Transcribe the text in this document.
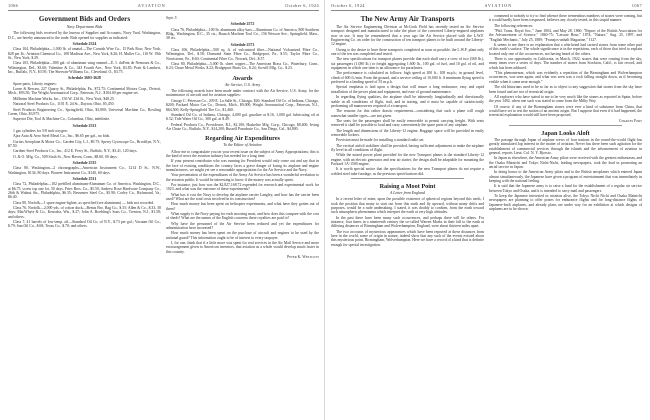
1066	AVIATION	October 6, 1924
Government Bids and Orders
Navy Department Bids

The following bids received by the bureau of Supplies and Accounts, Navy Yard, Washington, D.C., are hereby announced to the trade. Bids opened for supplies as indicated:

Schedule 2524

Class 104, Philadelphia—1,000 lb. of amatol—The Cornish Wire Co., 15 Park Row, New York, $28 per lb.; Aviation Chemical Co., 108 Madison Ave., New York, $.26; H. Muller Co., 116 W. 19th St., New York, $.29.

Class 105, Philadelphia—800 gal. of aluminum wing enamel—E. I. duPont de Nemours & Co., Wilmington, Del., $3.60; Valentine & Co., 343 Fourth Ave., New York, $3.85; Pratt & Lambert, Inc., Buffalo, N.Y., $3.95; The Sherwin-Williams Co., Cleveland, O., $3.75.

Schedule 3603-3628

Spare parts, Liberty engines:

Lorne & Bercaw, 227 Quarry St., Philadelphia, Pa., $72.75; Continental Motors Corp., Detroit, Mich., $93.50; The Wright Aeronautical Corp., Paterson, N.J., $104.00 per engine set.

Millheim Machine Works, Inc., 156 W. 23d St., New York, $48.25.

National Steel Products Co., 1101 E. 2d St., Dayton, Ohio, $5,450.

Steel Products Engineering Co., Springfield, Ohio, $3,800; Universal Machine Co., Bowling Green, Ohio, $3,975.

Superior Die, Tool & Machine Co., Columbus, Ohio, indefinite.

Schedule 2533

1 gas cylinders for 5/8 inch oxygen:

Ajax Auto & Aero Steel Metal Co., Inc., $6.65 per gal., no bids.

Curtiss Aeroplane & Motor Co., Garden City, L.I., $9.75; Sperry Gyroscope Co., Brooklyn, N.Y., $7.50.

Gardner Steel Products Co., Inc., 412 E. Ferry St., Buffalo, N.Y., $3.41, 120 days.

O. & O. Mfg. Co., 509 Sixth St., New Haven, Conn., $8.60, 60 days.

Schedule 2535

Class 80, Washington—2 chronographs—American Instrument Co., 1214 D St., N.W., Washington, $134; 80 days. Pioneer Instrument Co., $140, 60 days.

Schedule 2531

Class 72, Philadelphia—102 prefilled aluminum-Aluminum Co. of America, Washington, D.C., at $6.75, screw top one lot, 50 days. Fries Bros. Co., $5.50; Andrew Rose Hardware Company Co., 26th & Walnut Sts., Philadelphia, $6.35; Bessemer Steel Co., $5.90; Corley Co., Richmond, Va., $6.40.

Class 80, Norfolk—1 spare engine-lighter, as specified (see aluminum) — bids not recorded.

Class 76, Norfolk—2,000 yds. of cotton duck—Bemis Bro. Bag Co., $.35; Allen & Co., $.33, 30 days; MacWhyte & Co., Kenosha, Wis., $.27; John A. Roebling's Sons Co., Trenton, N.J., $1.58; and others.

Class 7, 41 barrels of low-temp. oil—Standard Oil Co. of N.Y., $.73 per gal.; Vacuum Oil Co., $.79; Sun Oil Co., $.68; Texas Co., $.70; and others.

Sept. 5
Schedule 2572

Class 76, Philadelphia—100 lb. aluminum alloy bars—Aluminum Co. of America, 800 Southern Bldg., Washington, D.C., 35 cts.; Bausch Machine Tool Co., 156 Wesson Ave., Springfield, Mass., 38 cts.

Schedule 2573

Class 106, Philadelphia—500 sq. ft. of vulcanized fibre—National Vulcanized Fibre Co., Wilmington, Del., $.58; Diamond State Fibre Co., Bridgeport, Pa., $.55; Taylor Fibre Co., Norristown, Pa., $.60; Continental Fibre Co., Newark, Del., $.57.

Class 80, Philadelphia—5,000 lb. sheet copper—The American Brass Co., Waterbury, Conn., $.23; Chase Metal Works, $.22; Bridgeport Brass Co., $.24; Scovill Mfg. Co., $.23.

Awards
Air Service, U.S. Army

The following awards have been made under contract with the Air Service, U.S. Army, for the maintenance of aircraft and for aviation supplies:

George C. Peterson Co., 209 E. La Salle St., Chicago, $26; Standard Oil Co. of Indiana, Chicago, $200; Packard Motor Car Co., Detroit, Mich., $9,000; Wright Aeronautical Corp., Paterson, N.J., $64,500; Kelly-Springfield Tire Co., $1,460.

Standard Oil Co. of Indiana, Chicago, 4,000 gal. gasoline at $.16, 1,000 gal. lubricating oil at $.52; Tide Water Oil Co., 300 gal. at $.49.

Federal Products Co., Providence, R.I., $2,100; Haskelite Mfg. Corp., Chicago, $8,400; Irving Air Chute Co., Buffalo, N.Y., $14,200; Russell Parachute Co., San Diego, Cal., $4,800.

Regarding Air Expenditures
To the Editor of Aviation

Allow me to congratulate you on your recent issue on the subject of Army Appropriations; this is the kind of news the aviation industry has needed for a long time.

If your present contributor who was running for President would only come out and say that in the face of existing conditions the country faces a grave danger of losing its airplane and engine manufacturers, we might yet see a reasonable appropriation for the Air Service and the Navy.

Your presentation of the expenditures of the Army Air Service has been a wonderful revelation to the aviation public. It would be interesting to know if the money was actually spent.

For instance, just how was the $2,827,168.72 expended for research and experimental work for 1923, and what was the outcome of these experiments?

What has it cost the Navy to develop the airplane carrier Langley, and how has the carrier been used? What are the total costs involved in its construction?

How much money has been spent on helicopter experiments, and what have they gotten out of them?

What supply is the Navy paying for each mooring mast, and how does this compare with the cost of sheds? What are the names of the English concerns these royalties are paid to?

Why have the personnel of the Air Service been reduced and yet the expenditures for administration have increased?

How much money has been spent on the purchase of aircraft and engines to be used by the national guard? This information ought to be of interest to every taxpayer.

I, for one, think that if a little more was spent for real services in the Air Mail Service and more encouragement given to American inventors, that aviation as a whole would develop much faster in this country.

Peter K. Westcott
October 6, 1924	AVIATION	1067
The New Army Air Transports

The Air Service Engineering Division at McCook Field has recently tested an Air Service transport designed and manufactured to take the place of the converted Liberty-engined airplanes now in use. It may be remembered that a year ago the Air Service placed with the L.W.F. Engineering Co. an order for the construction of ten transport planes to be built around the Liberty-12 engine.

Owing to the desire to have these transports completed as soon as possible, the L.W.F. plant only one of the ten was completed and tested.

The new specifications for transport planes provide that each shall carry a crew of two (560 lb.), six passengers (1,080 lb.) or freight aggregating 1,600 lb., 100 gal. of fuel, and 10 gal. of oil, and equipment in which one item is an allowance for parachutes.

The performance is calculated as follows: high speed at 200 ft., 108 m.p.h.; in ground level, climb of 600 ft./min. From the ground, and a service ceiling of 10,000 ft. A minimum flying speed is preferred to a landing speed of 55 m.p.h.

Special emphasis is laid upon a design that will insure a long endurance, easy and rapid installation of the power plant and equipment, and ease of ground maintenance.

In regarding flying qualities, the airplane shall be inherently longitudinally and directionally stable in all conditions of flight, trail, and in taxiing, and it must be capable of satisfactorily performing all manoeuvres required of a transport.

The reasons for this rather drastic requirement—considering that such a plane will rough somewhat smaller types—are not given.

The seats for the passengers shall be easily removable to permit carrying freight. With seats removed it shall be possible to load and carry conveniently the spare parts of any airplane.

The length and dimensions of the Liberty-12 engine. Baggage space will be provided in easily removable lockers.

Provision must be made for installing a standard radio set.

The vertical airfoil stabilizer shall be provided, having sufficient adjustment to make the airplane fly level in all conditions of flight.

While the mixed power plant provided for the new Transport planes is the standard Liberty-12 engine, with an electric generator and rear air starter, the design shall be adaptable for mounting the Packard 1A-1500 engine.

It is worth special notice that the specifications for the new Transport planes do not require a welded steel tube fuselage, as the previous specifications did.

Raising a Moot Point
A Letter from England

In a recent letter of mine, upon the possible existence of spherical regions beyond this earth, I took the position that many to start out from this earth and fly upward, without many drifts and purposes, would be a rude undertaking. I stated, it was doubly to confirm, from the earth toward such atmospheric phenomena which interpret the earth at very high altitudes.

In the past there have been many such occurrences, and perhaps there will be others. For instance, four times in a nineteenth century the so-called Warren Marks in their fall to the earth at differing distances of Birmingham and Wolverhampton, England, were about thirteen miles apart.

The two accounts of mysterious appearances which have been reported at these distances from here in the world, some of origin in nature, indeed show that any such of the events existed about this mysterious point. Birmingham, Wolverhampton. Here we have a record of a kind that is definite enough for special investigation.

commend to nobody to try to find whence these tremendous numbers of stones were coming, but it would hardly have been trespassed, believes any closely tested, in this stupid manner.

The following references:

"Phil. Trans. Royal Soc.," June 1804, and May 28, 1860; "Report of the British Association for the Advancement of Science," 1860-75; "Leisure Hour," 1874; "Nature," Aug. 25, 1897; and "English Mechanic," July 25, 1889; "Franzjos-anhalt Magazine," 1127.

It seems to me there is no explanation that a whirlwind had carried stones from some other part of this earth's surface. The whole significance is in the repetitions, each of those that tried to explain located only one of the occurrences, not having heard of the others.

There is our opportunity in California, in March, 1922, stones that were coming from the sky, many times over a series of days. The number of stones from Stockton, Calif., is fair record, and which has been adduced.

"This phenomenon, which was evidently a repetition of the Birmingham and Wolverhampton occurrences, was seen again, and what was seen was a rock falling straight down, as if becoming visible when it came near enough."

The old historians used to be so far as to object to any suggestion that stones from the sky have been found and are not of terrestrial origin.

All explorers who have stated to me to be very much like the stones as reported in Spain, before the year 1492, when one such was stated to come from the Milky Way.

Of course, if any of the Birmingham stones were ever a kind of substance from China, that would have set to rest the notion of an ancient origin. But I suppose that even if it had happened, the terrestrial explanation would still have been proposed.

Charles Fort
Japan Looks Aloft

The passage through Japan of airplane crews of four nations in the round-the-world flight has greatly stimulated Jap interest in the matter of aviation. Never has there been such agitation for the establishment of commercial services through the islands and the advancement of aviation in general, reports Lieut. Col. N. Y. Bjorsto.

In Japan as elsewhere, the American Army pilots were received with the greatest enthusiasm, and the Osaka Mainichi and Tokyo Nichi-Nichi, leading newspapers, took the lead in promoting an aerial service in Japan.

In doing honor to the American Army pilots and to the British aeroplanes which entered Japan almost simultaneously, the Japanese have given a program of entertainment that was immediately in keeping with the national feeling.

It is said that the Japanese army is to raise a fund for the establishment of a regular air service between Tokyo and Osaka, and it is intended to carry mail and passengers.

To keep the Japanese interested in aviation alive, the Tokyo Nichi Nichi and Osaka Mainichi newspapers are planning to offer prizes for endurance flights and for long-distance flights of Japanese-built airplanes, and already plans are under way for an exhibition at which designs of airplanes are to be shown.
